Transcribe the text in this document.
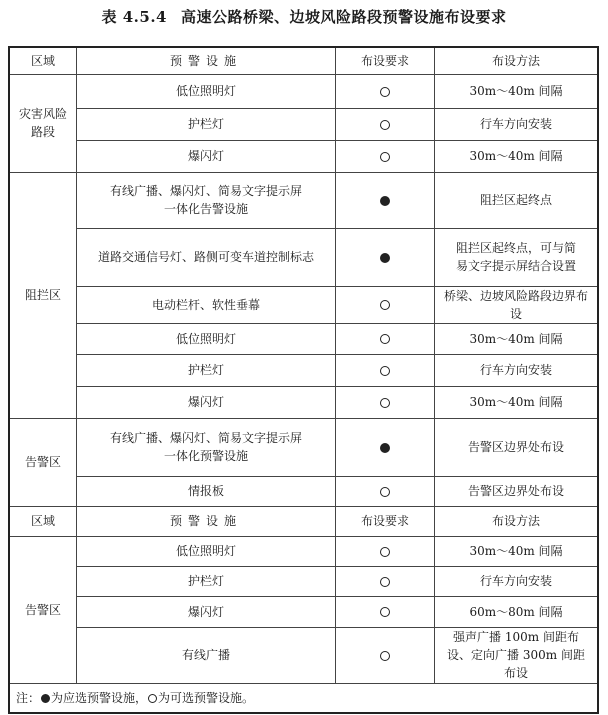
表 4.5.4 高速公路桥梁、边坡风险路段预警设施布设要求
区域	预警设施	布设要求	布设方法
灾害风险路段	低位照明灯		30m～40m 间隔
	护栏灯		行车方向安装
	爆闪灯		30m～40m 间隔
阻拦区	有线广播、爆闪灯、简易文字提示屏一体化告警设施		阻拦区起终点
	道路交通信号灯、路侧可变车道控制标志		阻拦区起终点，可与简易文字提示屏结合设置
	电动栏杆、软性垂幕		桥梁、边坡风险路段边界布设
	低位照明灯		30m～40m 间隔
	护栏灯		行车方向安装
	爆闪灯		30m～40m 间隔
告警区	有线广播、爆闪灯、简易文字提示屏一体化预警设施		告警区边界处布设
	情报板		告警区边界处布设
区域	预警设施	布设要求	布设方法
告警区	低位照明灯		30m～40m 间隔
	护栏灯		行车方向安装
	爆闪灯		60m～80m 间隔
	有线广播		强声广播 100m 间距布设、定向广播 300m 间距布设
注： 为应选预警设施， 为可选预警设施。			
